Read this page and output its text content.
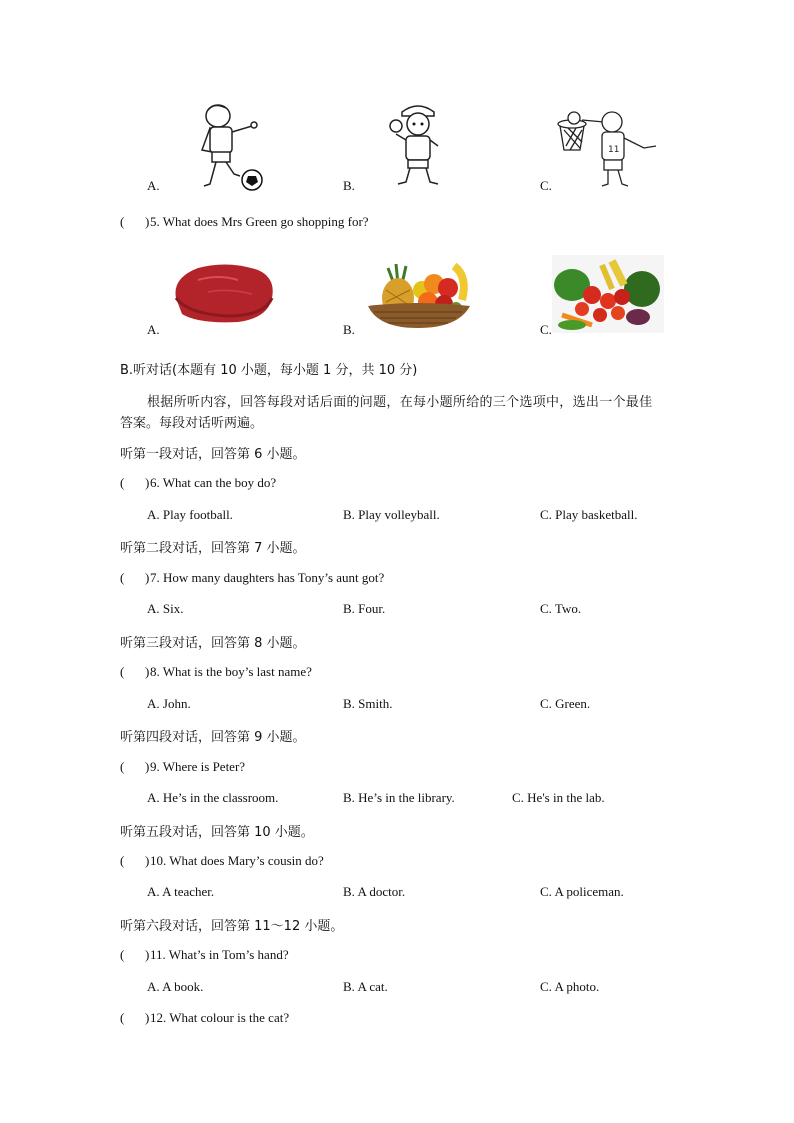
A.	B.
11
C.
( ) 5. What does Mrs Green go shopping for?
A.	B.	C.
B.听对话(本题有 10 小题，每小题 1 分，共 10 分)
根据所听内容，回答每段对话后面的问题，在每小题所给的三个选项中，选出一个最佳
答案。每段对话听两遍。
听第一段对话，回答第 6 小题。
( ) 6. What can the boy do?
A. Play football.	B. Play volleyball.	C. Play basketball.
听第二段对话，回答第 7 小题。
( ) 7. How many daughters has Tony’s aunt got?
A. Six.	B. Four.	C. Two.
听第三段对话，回答第 8 小题。
( ) 8. What is the boy’s last name?
A. John.	B. Smith.	C. Green.
听第四段对话，回答第 9 小题。
( ) 9. Where is Peter?
A. He’s in the classroom.	B. He’s in the library.	C. He's in the lab.
听第五段对话，回答第 10 小题。
( ) 10. What does Mary’s cousin do?
A. A teacher.	B. A doctor.	C. A policeman.
听第六段对话，回答第 11～12 小题。
( ) 11. What’s in Tom’s hand?
A. A book.	B. A cat.	C. A photo.
( ) 12. What colour is the cat?
